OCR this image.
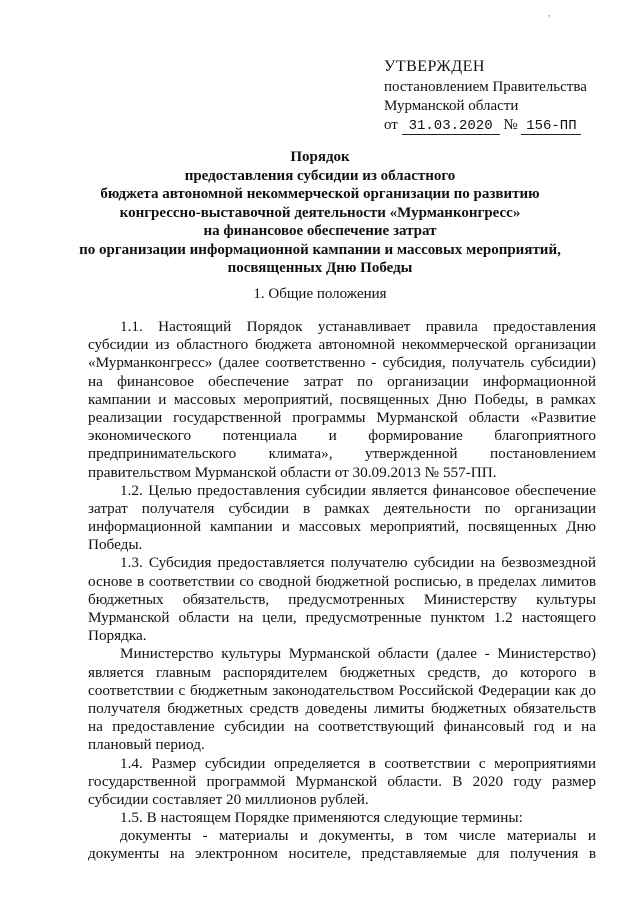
,
УТВЕРЖДЕН
постановлением Правительства
Мурманской области
от 31.03.2020 № 156-ПП
Порядок
предоставления субсидии из областного
бюджета автономной некоммерческой организации по развитию
конгрессно-выставочной деятельности «Мурманконгресс»
на финансовое обеспечение затрат
по организации информационной кампании и массовых мероприятий,
посвященных Дню Победы
1. Общие положения
1.1. Настоящий Порядок устанавливает правила предоставления
субсидии из областного бюджета автономной некоммерческой организации
«Мурманконгресс» (далее соответственно - субсидия, получатель субсидии)
на финансовое обеспечение затрат по организации информационной
кампании и массовых мероприятий, посвященных Дню Победы, в рамках
реализации государственной программы Мурманской области «Развитие
экономического потенциала и формирование благоприятного
предпринимательского климата», утвержденной постановлением
правительством Мурманской области от 30.09.2013 № 557-ПП.
1.2. Целью предоставления субсидии является финансовое обеспечение
затрат получателя субсидии в рамках деятельности по организации
информационной кампании и массовых мероприятий, посвященных Дню
Победы.
1.3. Субсидия предоставляется получателю субсидии на безвозмездной
основе в соответствии со сводной бюджетной росписью, в пределах лимитов
бюджетных обязательств, предусмотренных Министерству культуры
Мурманской области на цели, предусмотренные пунктом 1.2 настоящего
Порядка.
Министерство культуры Мурманской области (далее - Министерство)
является главным распорядителем бюджетных средств, до которого в
соответствии с бюджетным законодательством Российской Федерации как до
получателя бюджетных средств доведены лимиты бюджетных обязательств
на предоставление субсидии на соответствующий финансовый год и на
плановый период.
1.4. Размер субсидии определяется в соответствии с мероприятиями
государственной программой Мурманской области. В 2020 году размер
субсидии составляет 20 миллионов рублей.
1.5. В настоящем Порядке применяются следующие термины:
документы - материалы и документы, в том числе материалы и
документы на электронном носителе, представляемые для получения в
